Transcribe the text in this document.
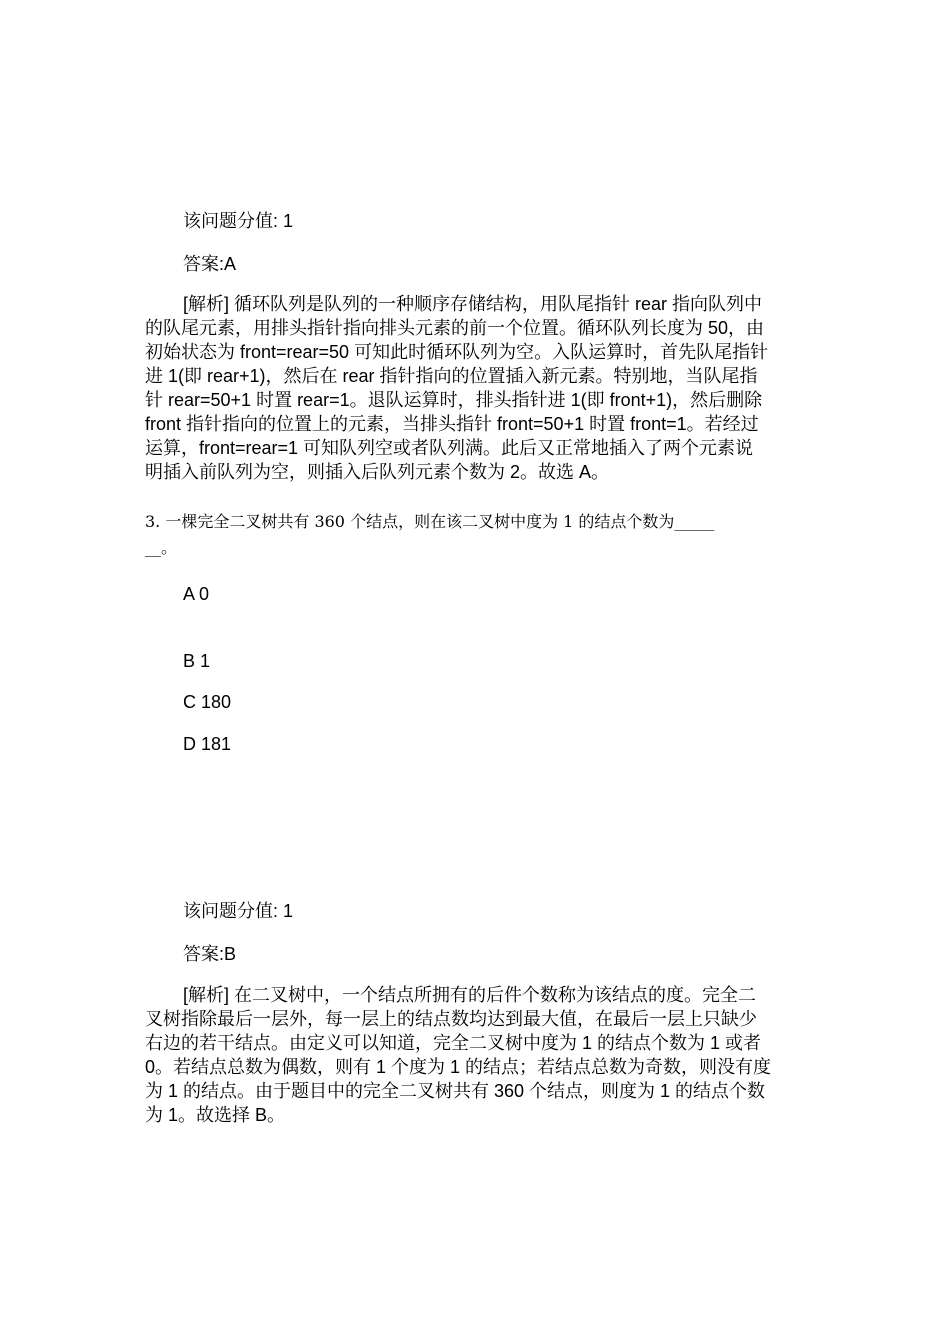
该问题分值: 1
答案:A
[解析] 循环队列是队列的一种顺序存储结构，用队尾指针 rear 指向队列中
的队尾元素，用排头指针指向排头元素的前一个位置。循环队列长度为 50，由
初始状态为 front=rear=50 可知此时循环队列为空。入队运算时，首先队尾指针
进 1(即 rear+1)，然后在 rear 指针指向的位置插入新元素。特别地，当队尾指
针 rear=50+1 时置 rear=1。退队运算时，排头指针进 1(即 front+1)，然后删除
front 指针指向的位置上的元素，当排头指针 front=50+1 时置 front=1。若经过
运算，front=rear=1 可知队列空或者队列满。此后又正常地插入了两个元素说
明插入前队列为空，则插入后队列元素个数为 2。故选 A。
3. 一棵完全二叉树共有 360 个结点，则在该二叉树中度为 1 的结点个数为_____
__。
A 0
B 1
C 180
D 181
该问题分值: 1
答案:B
[解析] 在二叉树中，一个结点所拥有的后件个数称为该结点的度。完全二
叉树指除最后一层外，每一层上的结点数均达到最大值，在最后一层上只缺少
右边的若干结点。由定义可以知道，完全二叉树中度为 1 的结点个数为 1 或者
0。若结点总数为偶数，则有 1 个度为 1 的结点；若结点总数为奇数，则没有度
为 1 的结点。由于题目中的完全二叉树共有 360 个结点，则度为 1 的结点个数
为 1。故选择 B。
